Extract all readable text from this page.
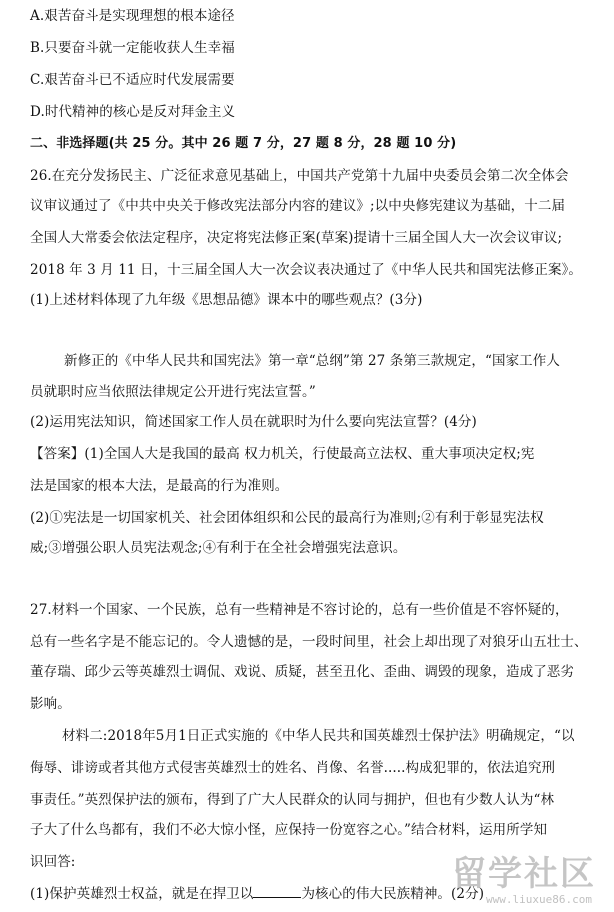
A.艰苦奋斗是实现理想的根本途径
B.只要奋斗就一定能收获人生幸福
C.艰苦奋斗已不适应时代发展需要
D.时代精神的核心是反对拜金主义
二、非选择题(共 25 分。其中 26 题 7 分，27 题 8 分，28 题 10 分)
26.在充分发扬民主、广泛征求意见基础上，中国共产党第十九届中央委员会第二次全体会
议审议通过了《中共中央关于修改宪法部分内容的建议》;以中央修宪建议为基础，十二届
全国人大常委会依法定程序，决定将宪法修正案(草案)提请十三届全国人大一次会议审议;
2018 年 3 月 11 日，十三届全国人大一次会议表决通过了《中华人民共和国宪法修正案》。
(1)上述材料体现了九年级《思想品德》课本中的哪些观点？(3分)
新修正的《中华人民共和国宪法》第一章“总纲”第 27 条第三款规定，“国家工作人
员就职时应当依照法律规定公开进行宪法宣誓。”
(2)运用宪法知识，简述国家工作人员在就职时为什么要向宪法宣誓？(4分)
【答案】(1)全国人大是我国的最高 权力机关，行使最高立法权、重大事项决定权;宪
法是国家的根本大法，是最高的行为准则。
(2)①宪法是一切国家机关、社会团体组织和公民的最高行为准则;②有利于彰显宪法权
威;③增强公职人员宪法观念;④有利于在全社会增强宪法意识。
27.材料一个国家、一个民族，总有一些精神是不容讨论的，总有一些价值是不容怀疑的，
总有一些名字是不能忘记的。令人遗憾的是，一段时间里，社会上却出现了对狼牙山五壮士、
董存瑞、邱少云等英雄烈士调侃、戏说、质疑，甚至丑化、歪曲、调毁的现象，造成了恶劣
影响。
材料二:2018年5月1日正式实施的《中华人民共和国英雄烈士保护法》明确规定，“以
侮辱、诽谤或者其他方式侵害英雄烈士的姓名、肖像、名誉.....构成犯罪的，依法追究刑
事责任。”英烈保护法的颁布，得到了广大人民群众的认同与拥护，但也有少数人认为“林
子大了什么鸟都有，我们不必大惊小怪，应保持一份宽容之心。”结合材料，运用所学知
识回答:
(1)保护英雄烈士权益，就是在捍卫以	为核心的伟大民族精神。(2分)
留学社区
www.liuxue86.com
